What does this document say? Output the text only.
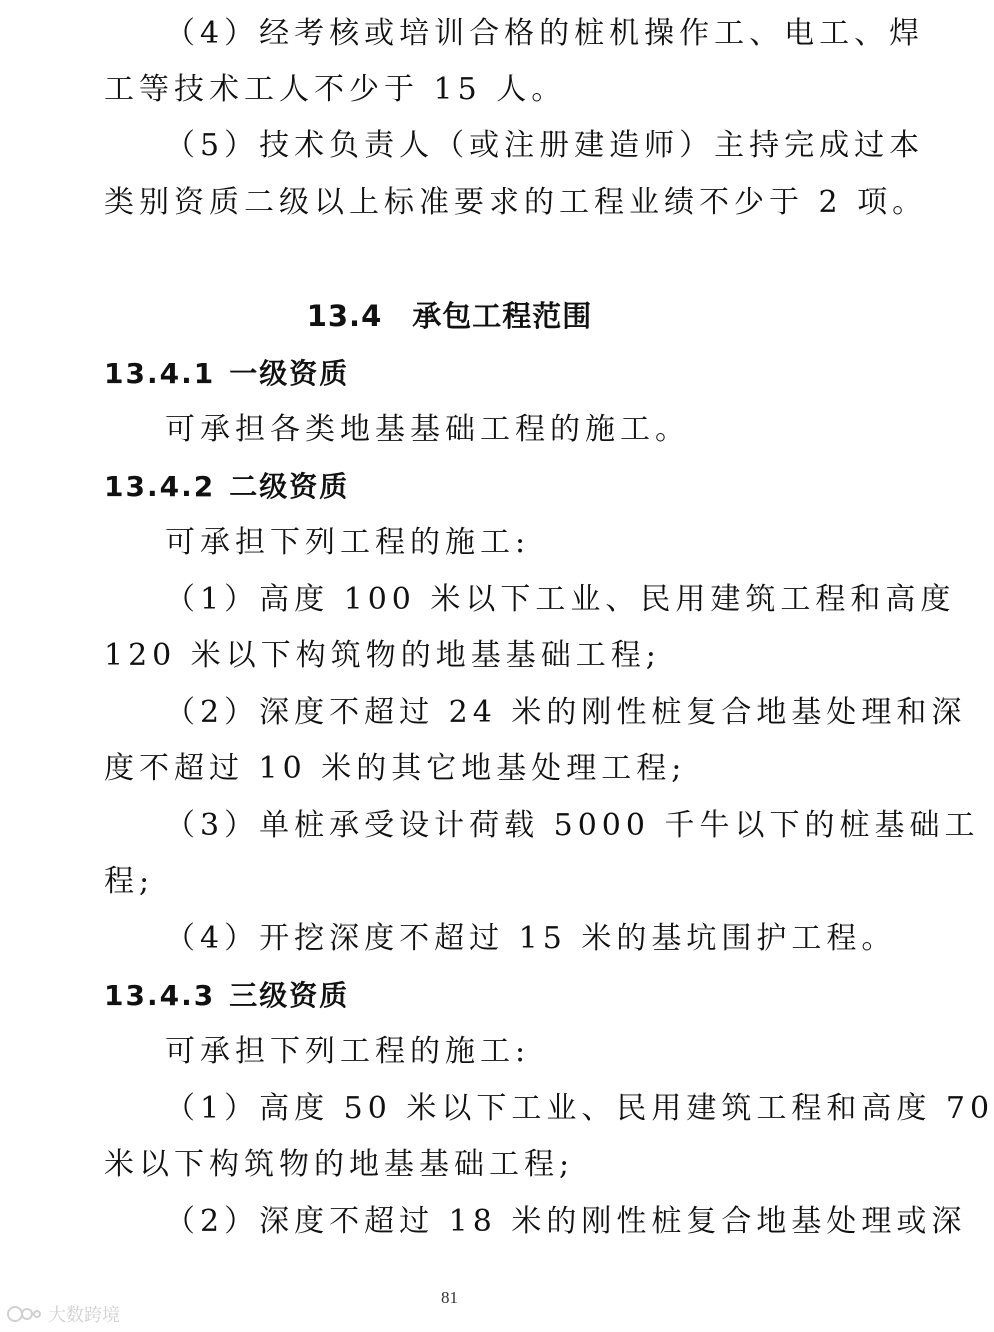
（4）经考核或培训合格的桩机操作工、电工、焊
工等技术工人不少于 15 人。
（5）技术负责人（或注册建造师）主持完成过本
类别资质二级以上标准要求的工程业绩不少于 2 项。
13.4 承包工程范围
13.4.1 一级资质
可承担各类地基基础工程的施工。
13.4.2 二级资质
可承担下列工程的施工:
（1）高度 100 米以下工业、民用建筑工程和高度
120 米以下构筑物的地基基础工程;
（2）深度不超过 24 米的刚性桩复合地基处理和深
度不超过 10 米的其它地基处理工程;
（3）单桩承受设计荷载 5000 千牛以下的桩基础工
程;
（4）开挖深度不超过 15 米的基坑围护工程。
13.4.3 三级资质
可承担下列工程的施工:
（1）高度 50 米以下工业、民用建筑工程和高度 70
米以下构筑物的地基基础工程;
（2）深度不超过 18 米的刚性桩复合地基处理或深
81
大数跨境
